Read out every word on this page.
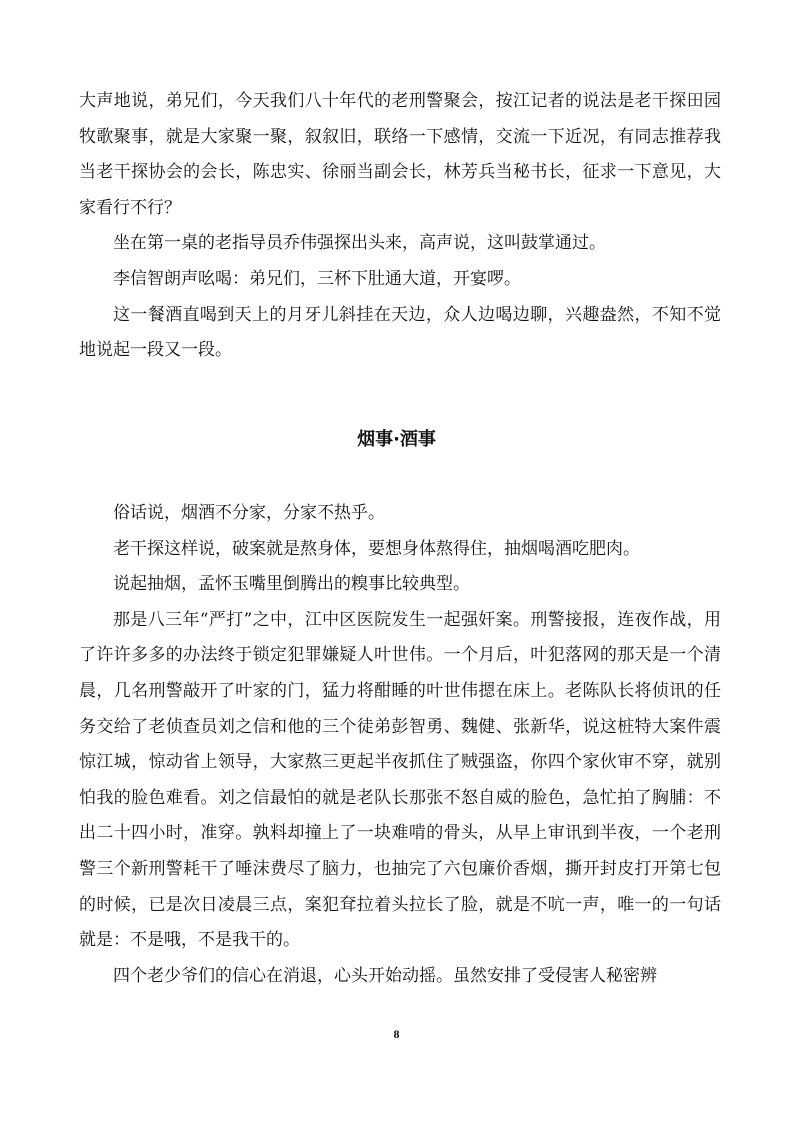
大声地说，弟兄们，今天我们八十年代的老刑警聚会，按江记者的说法是老干探田园牧歌聚事，就是大家聚一聚，叙叙旧，联络一下感情，交流一下近况，有同志推荐我当老干探协会的会长，陈忠实、徐丽当副会长，林芳兵当秘书长，征求一下意见，大家看行不行？

坐在第一桌的老指导员乔伟强探出头来，高声说，这叫鼓掌通过。

李信智朗声吆喝：弟兄们，三杯下肚通大道，开宴啰。

这一餐酒直喝到天上的月牙儿斜挂在天边，众人边喝边聊，兴趣盎然，不知不觉地说起一段又一段。

烟事·酒事

俗话说，烟酒不分家，分家不热乎。

老干探这样说，破案就是熬身体，要想身体熬得住，抽烟喝酒吃肥肉。

说起抽烟，孟怀玉嘴里倒腾出的糗事比较典型。

那是八三年“严打”之中，江中区医院发生一起强奸案。刑警接报，连夜作战，用了许许多多的办法终于锁定犯罪嫌疑人叶世伟。一个月后，叶犯落网的那天是一个清晨，几名刑警敲开了叶家的门，猛力将酣睡的叶世伟摁在床上。老陈队长将侦讯的任务交给了老侦查员刘之信和他的三个徒弟彭智勇、魏健、张新华，说这桩特大案件震惊江城，惊动省上领导，大家熬三更起半夜抓住了贼强盗，你四个家伙审不穿，就别怕我的脸色难看。刘之信最怕的就是老队长那张不怒自威的脸色，急忙拍了胸脯：不出二十四小时，准穿。孰料却撞上了一块难啃的骨头，从早上审讯到半夜，一个老刑警三个新刑警耗干了唾沫费尽了脑力，也抽完了六包廉价香烟，撕开封皮打开第七包的时候，已是次日凌晨三点，案犯耷拉着头拉长了脸，就是不吭一声，唯一的一句话就是：不是哦，不是我干的。

四个老少爷们的信心在消退，心头开始动摇。虽然安排了受侵害人秘密辨

8
